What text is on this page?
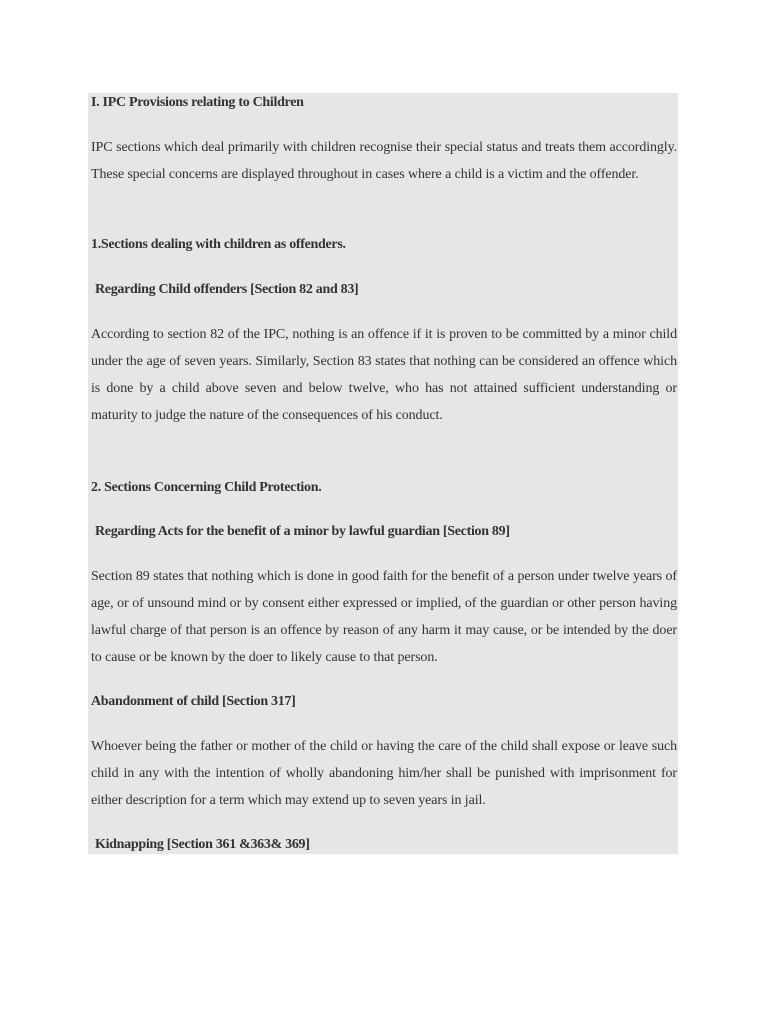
I. IPC Provisions relating to Children

IPC sections which deal primarily with children recognise their special status and treats them accordingly. These special concerns are displayed throughout in cases where a child is a victim and the offender.

1.Sections dealing with children as offenders.

Regarding Child offenders [Section 82 and 83]

According to section 82 of the IPC, nothing is an offence if it is proven to be committed by a minor child under the age of seven years. Similarly, Section 83 states that nothing can be considered an offence which is done by a child above seven and below twelve, who has not attained sufficient understanding or maturity to judge the nature of the consequences of his conduct.

2. Sections Concerning Child Protection.

Regarding Acts for the benefit of a minor by lawful guardian [Section 89]

Section 89 states that nothing which is done in good faith for the benefit of a person under twelve years of age, or of unsound mind or by consent either expressed or implied, of the guardian or other person having lawful charge of that person is an offence by reason of any harm it may cause, or be intended by the doer to cause or be known by the doer to likely cause to that person.

Abandonment of child [Section 317]

Whoever being the father or mother of the child or having the care of the child shall expose or leave such child in any with the intention of wholly abandoning him/her shall be punished with imprisonment for either description for a term which may extend up to seven years in jail.

Kidnapping [Section 361 &363& 369]
